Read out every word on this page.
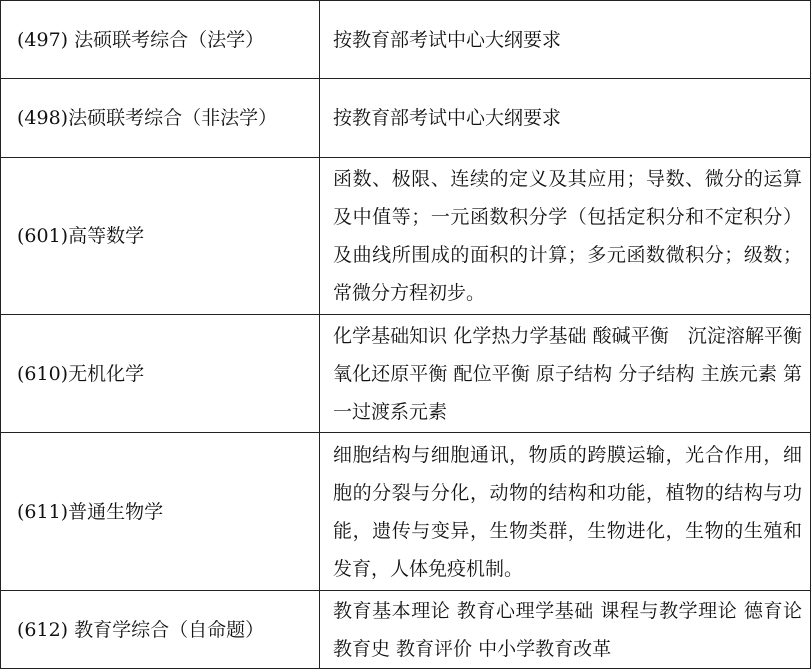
(497) 法硕联考综合（法学）	按教育部考试中心大纲要求

(498)法硕联考综合（非法学）	按教育部考试中心大纲要求

(601)高等数学	函数、极限、连续的定义及其应用；导数、微分的运算及中值等；一元函数积分学（包括定积分和不定积分）及曲线所围成的面积的计算；多元函数微积分；级数；常微分方程初步。

(610)无机化学	化学基础知识 化学热力学基础 酸碱平衡　沉淀溶解平衡 氧化还原平衡 配位平衡 原子结构 分子结构 主族元素 第一过渡系元素

(611)普通生物学	细胞结构与细胞通讯，物质的跨膜运输，光合作用，细胞的分裂与分化，动物的结构和功能，植物的结构与功能，遗传与变异，生物类群，生物进化，生物的生殖和发育，人体免疫机制。

(612) 教育学综合（自命题）	教育基本理论 教育心理学基础 课程与教学理论 德育论 教育史 教育评价 中小学教育改革
